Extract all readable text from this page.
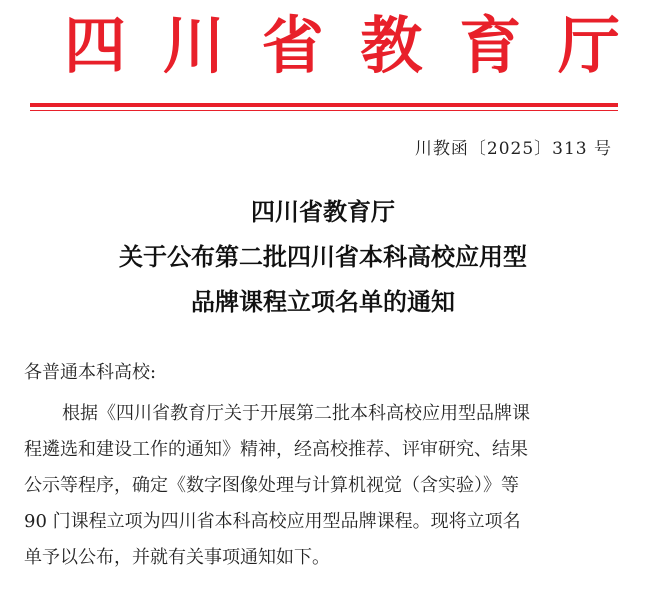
四 川 省 教 育 厅
川教函〔2025〕313 号
四川省教育厅
关于公布第二批四川省本科高校应用型
品牌课程立项名单的通知
各普通本科高校:
根据《四川省教育厅关于开展第二批本科高校应用型品牌课
程遴选和建设工作的通知》精神，经高校推荐、评审研究、结果
公示等程序，确定《数字图像处理与计算机视觉（含实验）》等
90 门课程立项为四川省本科高校应用型品牌课程。现将立项名
单予以公布，并就有关事项通知如下。
